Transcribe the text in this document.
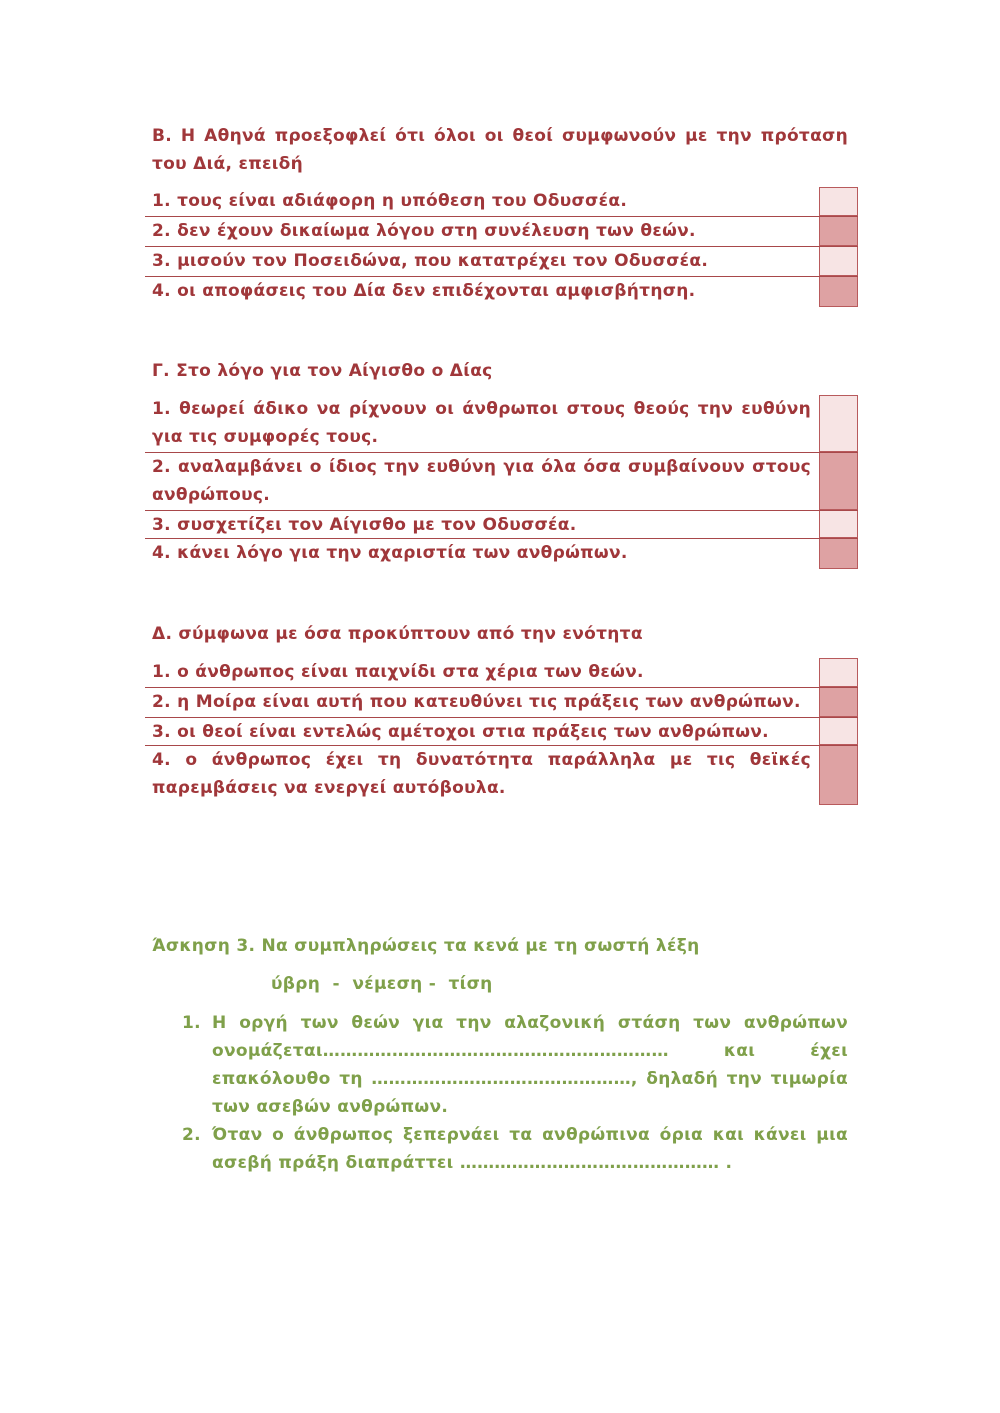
Β. Η Αθηνά προεξοφλεί ότι όλοι οι θεοί συμφωνούν με την πρόταση του Διά, επειδή
1. τους είναι αδιάφορη η υπόθεση του Οδυσσέα.
2. δεν έχουν δικαίωμα λόγου στη συνέλευση των θεών.
3. μισούν τον Ποσειδώνα, που κατατρέχει τον Οδυσσέα.
4. οι αποφάσεις του Δία δεν επιδέχονται αμφισβήτηση.
Γ. Στο λόγο για τον Αίγισθο ο Δίας
1. θεωρεί άδικο να ρίχνουν οι άνθρωποι στους θεούς την ευθύνη για τις συμφορές τους.
2. αναλαμβάνει ο ίδιος την ευθύνη για όλα όσα συμβαίνουν στους ανθρώπους.
3. συσχετίζει τον Αίγισθο με τον Οδυσσέα.
4. κάνει λόγο για την αχαριστία των ανθρώπων.
Δ. σύμφωνα με όσα προκύπτουν από την ενότητα
1. ο άνθρωπος είναι παιχνίδι στα χέρια των θεών.
2. η Μοίρα είναι αυτή που κατευθύνει τις πράξεις των ανθρώπων.
3. οι θεοί είναι εντελώς αμέτοχοι στια πράξεις των ανθρώπων.
4. ο άνθρωπος έχει τη δυνατότητα παράλληλα με τις θεϊκές παρεμβάσεις να ενεργεί αυτόβουλα.
Άσκηση 3. Να συμπληρώσεις τα κενά με τη σωστή λέξη
ύβρη  -  νέμεση -  τίση
1. Η οργή των θεών για την αλαζονική στάση των ανθρώπων ονομάζεται…………………………………………………… και έχει επακόλουθο τη ………………………………………, δηλαδή την τιμωρία των ασεβών ανθρώπων.
2. Όταν ο άνθρωπος ξεπερνάει τα ανθρώπινα όρια και κάνει μια ασεβή πράξη διαπράττει ……………………………………… .
